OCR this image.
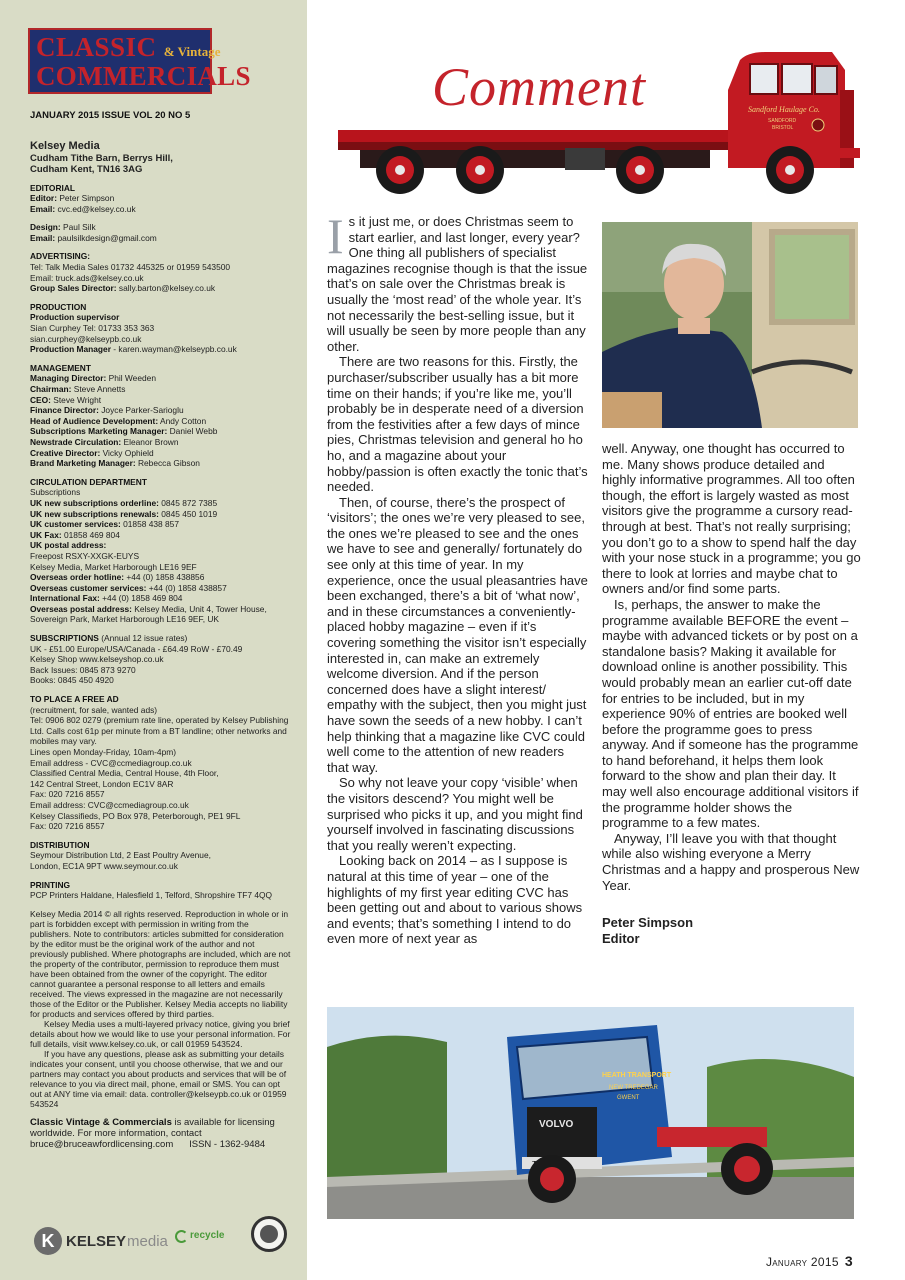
CLASSIC & Vintage
COMMERCIALS
JANUARY 2015 ISSUE VOL 20 NO 5

Kelsey Media

Cudham Tithe Barn, Berrys Hill,

Cudham Kent, TN16 3AG

EDITORIAL

Editor: Peter Simpson

Email: cvc.ed@kelsey.co.uk

Design: Paul Silk

Email: paulsilkdesign@gmail.com

ADVERTISING:

Tel: Talk Media Sales 01732 445325 or 01959 543500

Email: truck.ads@kelsey.co.uk

Group Sales Director: sally.barton@kelsey.co.uk

PRODUCTION

Production supervisor

Sian Curphey Tel: 01733 353 363

sian.curphey@kelseypb.co.uk

Production Manager - karen.wayman@kelseypb.co.uk

MANAGEMENT

Managing Director: Phil Weeden

Chairman: Steve Annetts

CEO: Steve Wright

Finance Director: Joyce Parker-Sarioglu

Head of Audience Development: Andy Cotton

Subscriptions Marketing Manager: Daniel Webb

Newstrade Circulation: Eleanor Brown

Creative Director: Vicky Ophield

Brand Marketing Manager: Rebecca Gibson

CIRCULATION DEPARTMENT

Subscriptions

UK new subscriptions orderline: 0845 872 7385

UK new subscriptions renewals: 0845 450 1019

UK customer services: 01858 438 857

UK Fax: 01858 469 804

UK postal address:

Freepost RSXY-XXGK-EUYS

Kelsey Media, Market Harborough LE16 9EF

Overseas order hotline: +44 (0) 1858 438856

Overseas customer services: +44 (0) 1858 438857

International Fax: +44 (0) 1858 469 804

Overseas postal address: Kelsey Media, Unit 4, Tower House, Sovereign Park, Market Harborough LE16 9EF, UK

SUBSCRIPTIONS (Annual 12 issue rates)

UK - £51.00 Europe/USA/Canada - £64.49 RoW - £70.49

Kelsey Shop www.kelseyshop.co.uk

Back Issues: 0845 873 9270

Books: 0845 450 4920

TO PLACE A FREE AD

(recruitment, for sale, wanted ads)

Tel: 0906 802 0279 (premium rate line, operated by Kelsey Publishing Ltd. Calls cost 61p per minute from a BT landline; other networks and mobiles may vary.

Lines open Monday-Friday, 10am-4pm)

Email address - CVC@ccmediagroup.co.uk

Classified Central Media, Central House, 4th Floor,

142 Central Street, London EC1V 8AR

Fax: 020 7216 8557

Email address: CVC@ccmediagroup.co.uk

Kelsey Classifieds, PO Box 978, Peterborough, PE1 9FL

Fax: 020 7216 8557

DISTRIBUTION

Seymour Distribution Ltd, 2 East Poultry Avenue,

London, EC1A 9PT www.seymour.co.uk

PRINTING

PCP Printers Haldane, Halesfield 1, Telford, Shropshire TF7 4QQ

Kelsey Media 2014 © all rights reserved. Reproduction in whole or in part is forbidden except with permission in writing from the publishers. Note to contributors: articles submitted for consideration by the editor must be the original work of the author and not previously published. Where photographs are included, which are not the property of the contributor, permission to reproduce them must have been obtained from the owner of the copyright. The editor cannot guarantee a personal response to all letters and emails received. The views expressed in the magazine are not necessarily those of the Editor or the Publisher. Kelsey Media accepts no liability for products and services offered by third parties.

Kelsey Media uses a multi-layered privacy notice, giving you brief details about how we would like to use your personal information. For full details, visit www.kelsey.co.uk, or call 01959 543524.

If you have any questions, please ask as submitting your details indicates your consent, until you choose otherwise, that we and our partners may contact you about products and services that will be of relevance to you via direct mail, phone, email or SMS. You can opt out at ANY time via email: data. controller@kelseypb.co.uk or 01959 543524

Classic Vintage & Commercials is available for licensing worldwide. For more information, contact
bruce@bruceawfordlicensing.com ISSN - 1362-9484

K KELSEY media recycle
Sandford Haulage Co.
SANDFORD
BRISTOL
Comment
I s it just me, or does Christmas seem to start earlier, and last longer, every year? One thing all publishers of specialist magazines recognise though is that the issue that’s on sale over the Christmas break is usually the ‘most read’ of the whole year. It’s not necessarily the best-selling issue, but it will usually be seen by more people than any other.

There are two reasons for this. Firstly, the purchaser/subscriber usually has a bit more time on their hands; if you’re like me, you’ll probably be in desperate need of a diversion from the festivities after a few days of mince pies, Christmas television and general ho ho ho, and a magazine about your hobby/passion is often exactly the tonic that’s needed.

Then, of course, there’s the prospect of ‘visitors’; the ones we’re very pleased to see, the ones we’re pleased to see and the ones we have to see and generally/ fortunately do see only at this time of year. In my experience, once the usual pleasantries have been exchanged, there’s a bit of ‘what now’, and in these circumstances a conveniently-placed hobby magazine – even if it’s covering something the visitor isn’t especially interested in, can make an extremely welcome diversion. And if the person concerned does have a slight interest/ empathy with the subject, then you might just have sown the seeds of a new hobby. I can’t help thinking that a magazine like CVC could well come to the attention of new readers that way.

So why not leave your copy ‘visible’ when the visitors descend? You might well be surprised who picks it up, and you might find yourself involved in fascinating discussions that you really weren’t expecting.

Looking back on 2014 – as I suppose is natural at this time of year – one of the highlights of my first year editing CVC has been getting out and about to various shows and events; that’s something I intend to do even more of next year as

well. Anyway, one thought has occurred to me. Many shows produce detailed and highly informative programmes. All too often though, the effort is largely wasted as most visitors give the programme a cursory read-through at best. That’s not really surprising; you don’t go to a show to spend half the day with your nose stuck in a programme; you go there to look at lorries and maybe chat to owners and/or find some parts.

Is, perhaps, the answer to make the programme available BEFORE the event – maybe with advanced tickets or by post on a standalone basis? Making it available for download online is another possibility. This would probably mean an earlier cut-off date for entries to be included, but in my experience 90% of entries are booked well before the programme goes to press anyway. And if someone has the programme to hand beforehand, it helps them look forward to the show and plan their day. It may well also encourage additional visitors if the programme holder shows the programme to a few mates.

Anyway, I’ll leave you with that thought while also wishing everyone a Merry Christmas and a happy and prosperous New Year.

Peter Simpson
Editor

VOLVO
HEATH TRANSPORT
NEW TREDEGAR
GWENT
January 2015 3
